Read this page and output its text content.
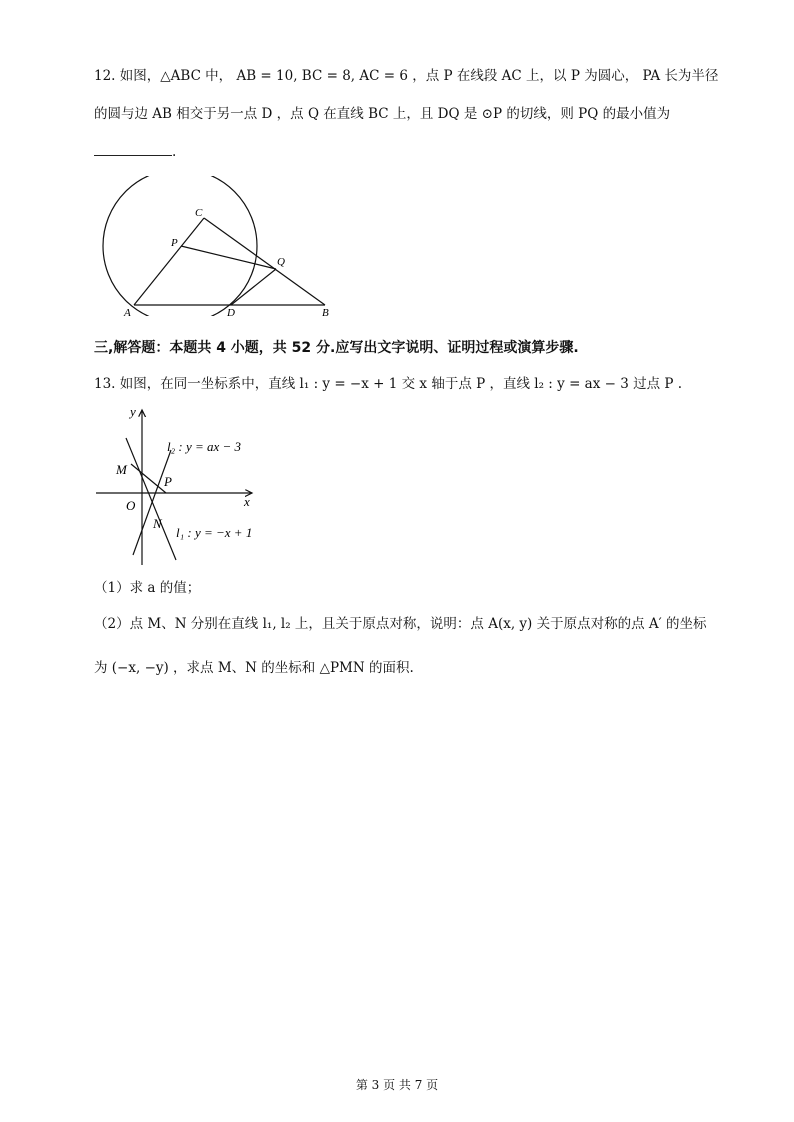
12. 如图，△ABC 中， AB = 10, BC = 8, AC = 6 ，点 P 在线段 AC 上，以 P 为圆心， PA 长为半径
的圆与边 AB 相交于另一点 D ，点 Q 在直线 BC 上，且 DQ 是 ⊙P 的切线，则 PQ 的最小值为
.
C
P
Q
A	D	B
三,解答题：本题共 4 小题，共 52 分.应写出文字说明、证明过程或演算步骤.
13. 如图，在同一坐标系中，直线 l₁ : y = −x + 1 交 x 轴于点 P ，直线 l₂ : y = ax − 3 过点 P .
y
x
O
M
P
N
l₂ : y = ax − 3
l₁ : y = −x + 1
（1）求 a 的值；
（2）点 M、N 分别在直线 l₁, l₂ 上，且关于原点对称，说明：点 A(x, y) 关于原点对称的点 A′ 的坐标
为 (−x, −y) ，求点 M、N 的坐标和 △PMN 的面积.
第 3 页 共 7 页
